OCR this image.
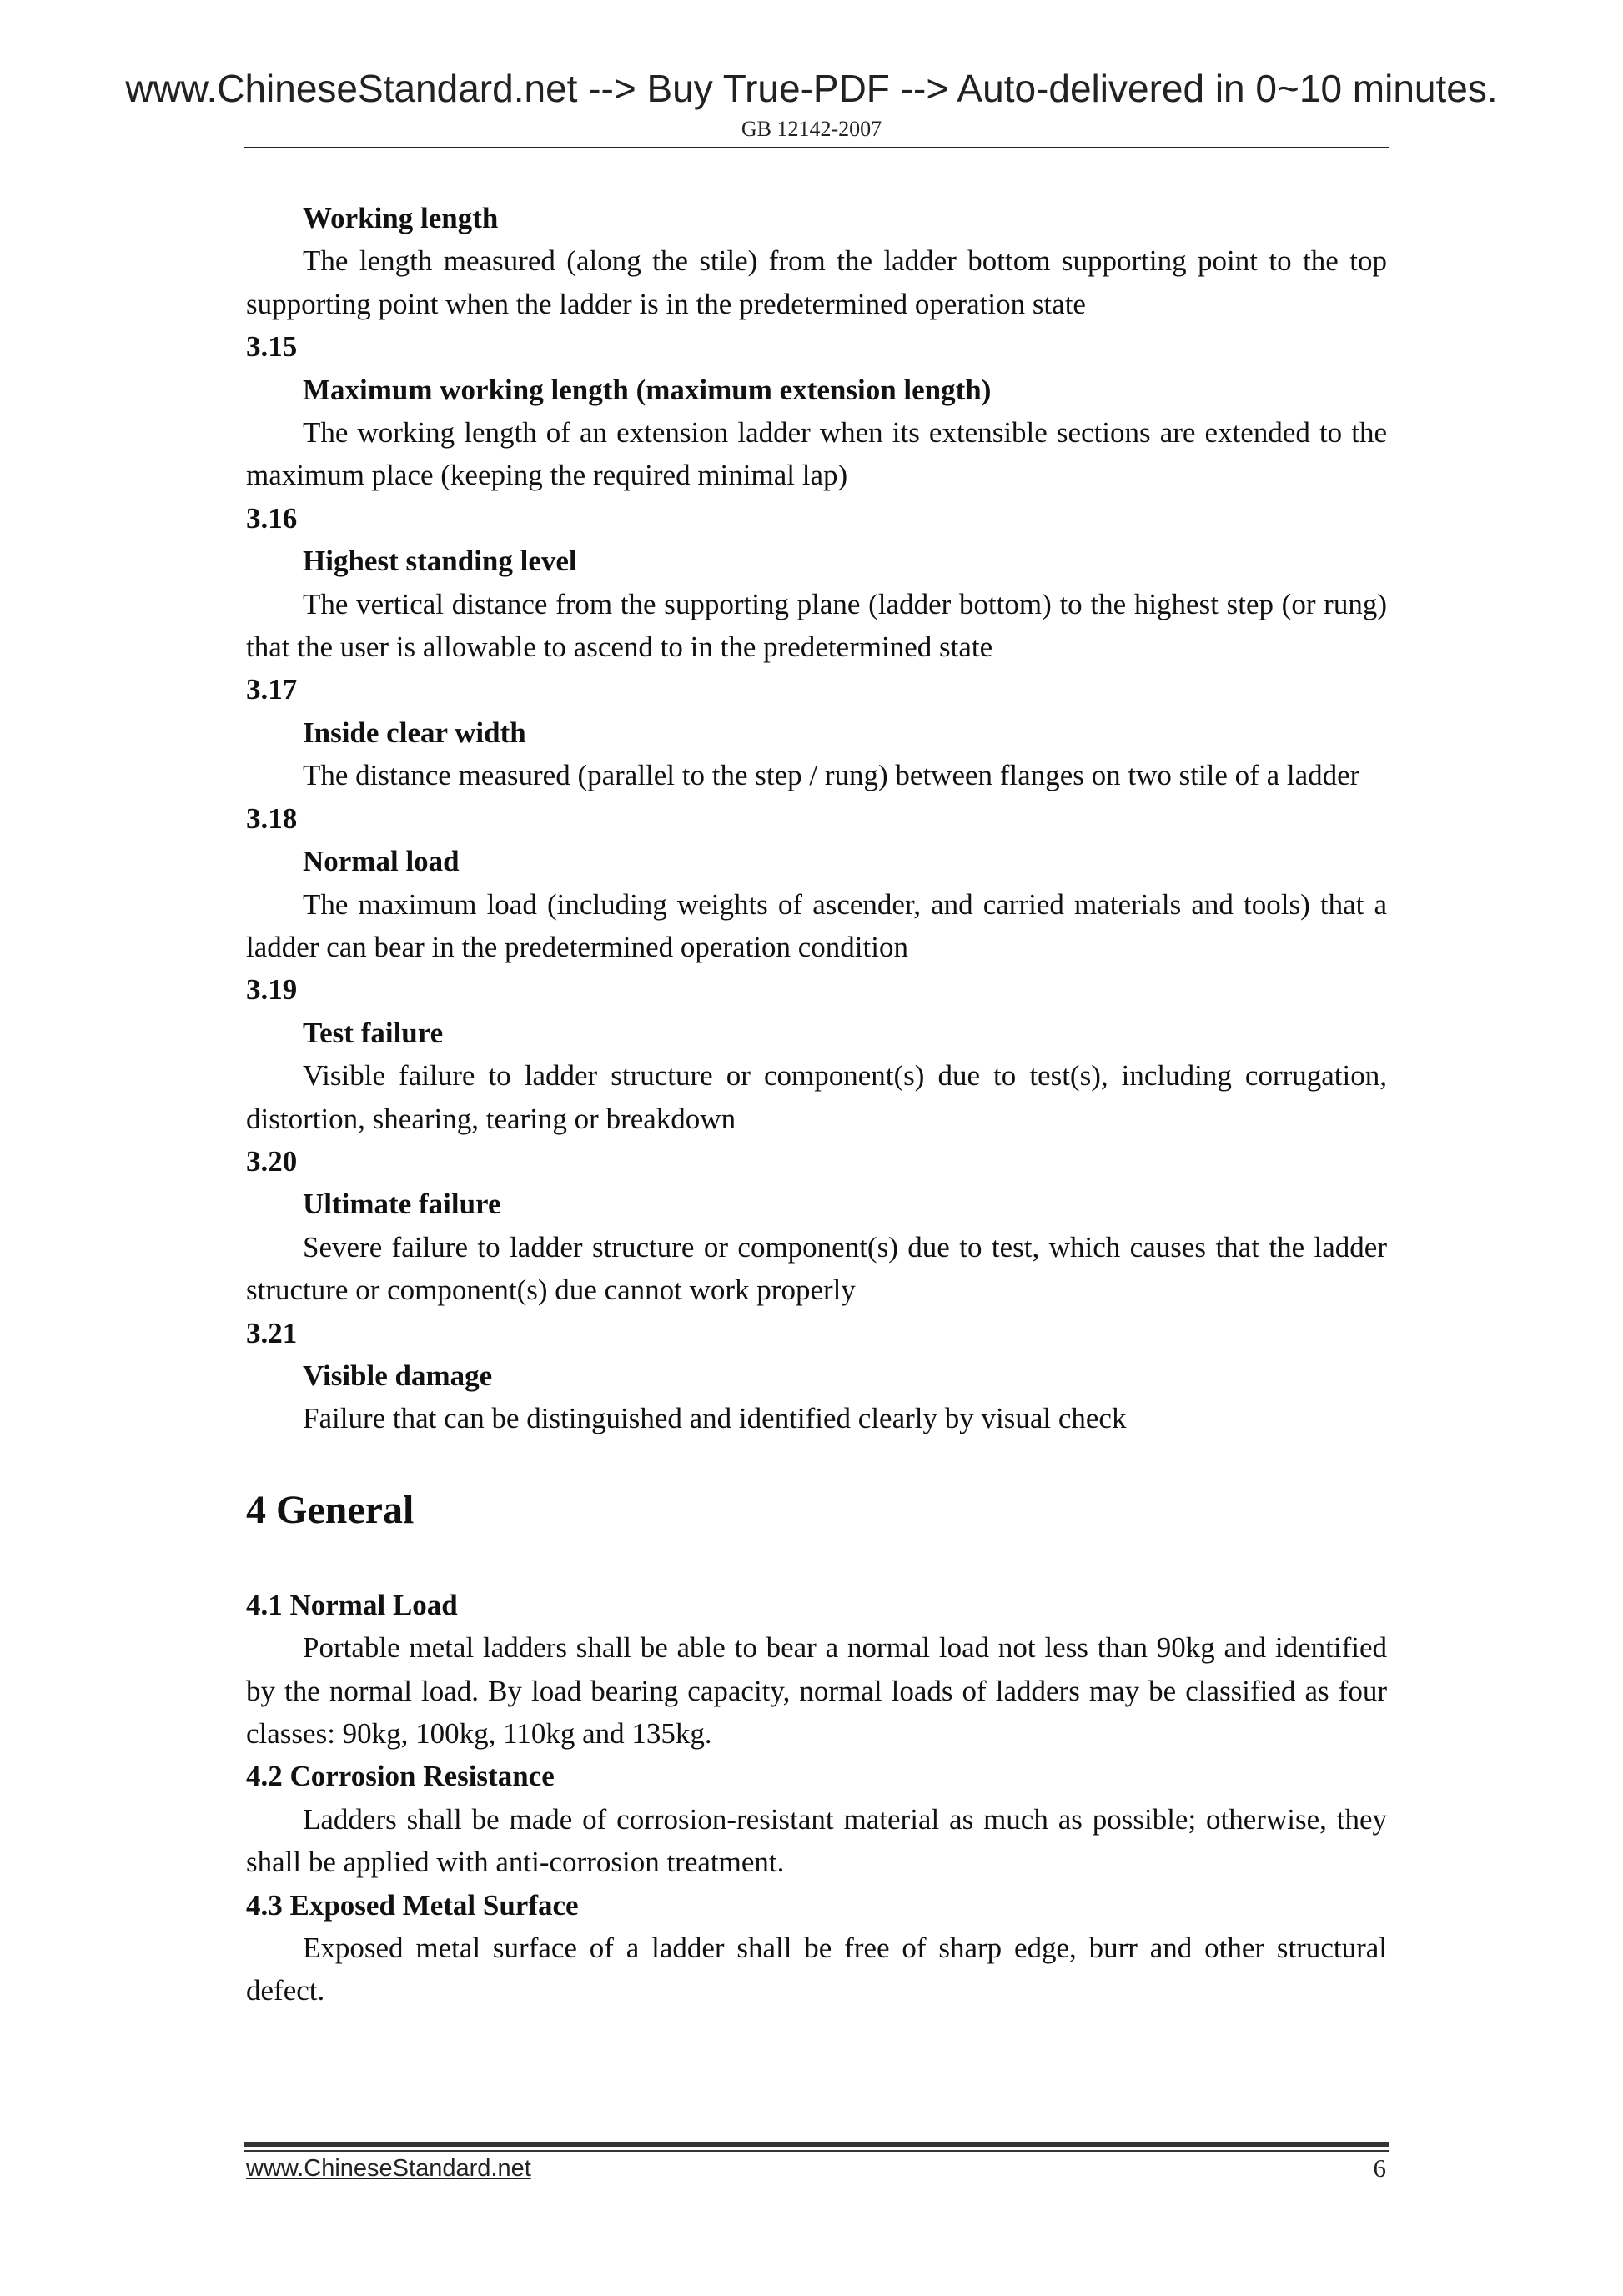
www.ChineseStandard.net --> Buy True-PDF --> Auto-delivered in 0~10 minutes.
GB 12142-2007

Working length

The length measured (along the stile) from the ladder bottom supporting point to the top supporting point when the ladder is in the predetermined operation state

3.15

Maximum working length (maximum extension length)

The working length of an extension ladder when its extensible sections are extended to the maximum place (keeping the required minimal lap)

3.16

Highest standing level

The vertical distance from the supporting plane (ladder bottom) to the highest step (or rung) that the user is allowable to ascend to in the predetermined state

3.17

Inside clear width

The distance measured (parallel to the step / rung) between flanges on two stile of a ladder

3.18

Normal load

The maximum load (including weights of ascender, and carried materials and tools) that a ladder can bear in the predetermined operation condition

3.19

Test failure

Visible failure to ladder structure or component(s) due to test(s), including corrugation, distortion, shearing, tearing or breakdown

3.20

Ultimate failure

Severe failure to ladder structure or component(s) due to test, which causes that the ladder structure or component(s) due cannot work properly

3.21

Visible damage

Failure that can be distinguished and identified clearly by visual check

4 General

4.1 Normal Load

Portable metal ladders shall be able to bear a normal load not less than 90kg and identified by the normal load. By load bearing capacity, normal loads of ladders may be classified as four classes: 90kg, 100kg, 110kg and 135kg.

4.2 Corrosion Resistance

Ladders shall be made of corrosion-resistant material as much as possible; otherwise, they shall be applied with anti-corrosion treatment.

4.3 Exposed Metal Surface

Exposed metal surface of a ladder shall be free of sharp edge, burr and other structural defect.

www.ChineseStandard.net	6
